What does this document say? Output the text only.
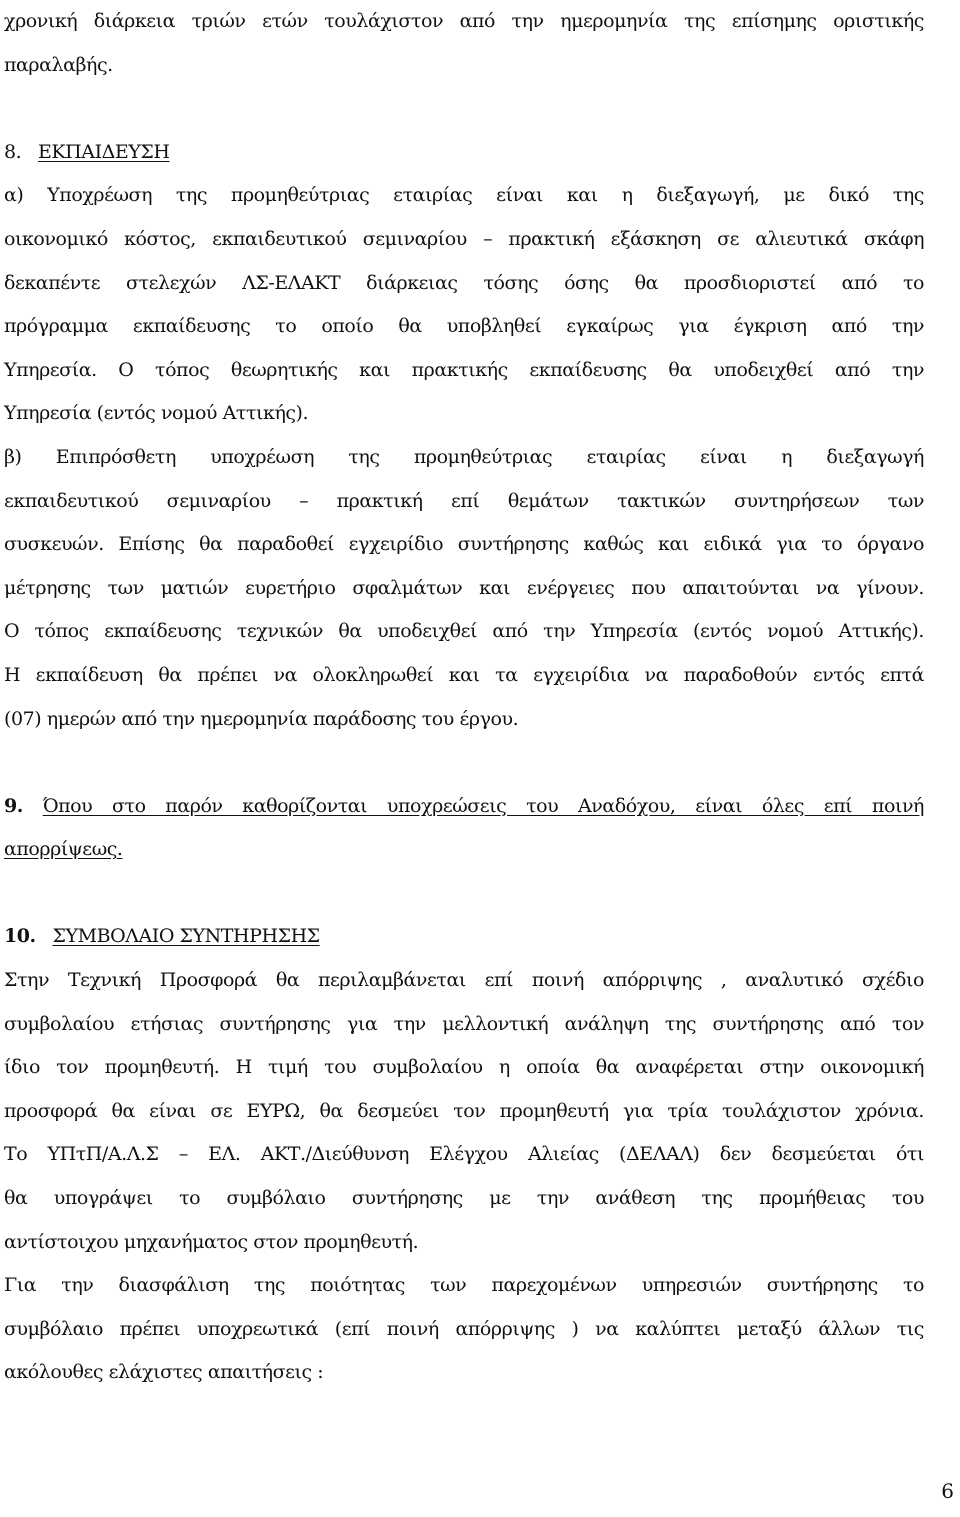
χρονική διάρκεια τριών ετών τουλάχιστον από την ημερομηνία της επίσημης οριστικής
παραλαβής.
8. ΕΚΠΑΙΔΕΥΣΗ
α) Υποχρέωση της προμηθεύτριας εταιρίας είναι και η διεξαγωγή, με δικό της
οικονομικό κόστος, εκπαιδευτικού σεμιναρίου – πρακτική εξάσκηση σε αλιευτικά σκάφη
δεκαπέντε στελεχών ΛΣ-ΕΛΑΚΤ διάρκειας τόσης όσης θα προσδιοριστεί από το
πρόγραμμα εκπαίδευσης το οποίο θα υποβληθεί εγκαίρως για έγκριση από την
Υπηρεσία. Ο τόπος θεωρητικής και πρακτικής εκπαίδευσης θα υποδειχθεί από την
Υπηρεσία (εντός νομού Αττικής).
β) Επιπρόσθετη υποχρέωση της προμηθεύτριας εταιρίας είναι η διεξαγωγή
εκπαιδευτικού σεμιναρίου – πρακτική επί θεμάτων τακτικών συντηρήσεων των
συσκευών. Επίσης θα παραδοθεί εγχειρίδιο συντήρησης καθώς και ειδικά για το όργανο
μέτρησης των ματιών ευρετήριο σφαλμάτων και ενέργειες που απαιτούνται να γίνουν.
Ο τόπος εκπαίδευσης τεχνικών θα υποδειχθεί από την Υπηρεσία (εντός νομού Αττικής).
Η εκπαίδευση θα πρέπει να ολοκληρωθεί και τα εγχειρίδια να παραδοθούν εντός επτά
(07) ημερών από την ημερομηνία παράδοσης του έργου.
9. Όπου στο παρόν καθορίζονται υποχρεώσεις του Αναδόχου, είναι όλες επί ποινή
απορρίψεως.
10. ΣΥΜΒΟΛΑΙΟ ΣΥΝΤΗΡΗΣΗΣ
Στην Τεχνική Προσφορά θα περιλαμβάνεται επί ποινή απόρριψης , αναλυτικό σχέδιο
συμβολαίου ετήσιας συντήρησης για την μελλοντική ανάληψη της συντήρησης από τον
ίδιο τον προμηθευτή. Η τιμή του συμβολαίου η οποία θα αναφέρεται στην οικονομική
προσφορά θα είναι σε ΕΥΡΩ, θα δεσμεύει τον προμηθευτή για τρία τουλάχιστον χρόνια.
Το ΥΠτΠ/Α.Λ.Σ – ΕΛ. ΑΚΤ./Διεύθυνση Ελέγχου Αλιείας (ΔΕΛΑΛ) δεν δεσμεύεται ότι
θα υπογράψει το συμβόλαιο συντήρησης με την ανάθεση της προμήθειας του
αντίστοιχου μηχανήματος στον προμηθευτή.
Για την διασφάλιση της ποιότητας των παρεχομένων υπηρεσιών συντήρησης το
συμβόλαιο πρέπει υποχρεωτικά (επί ποινή απόρριψης ) να καλύπτει μεταξύ άλλων τις
ακόλουθες ελάχιστες απαιτήσεις :
6
